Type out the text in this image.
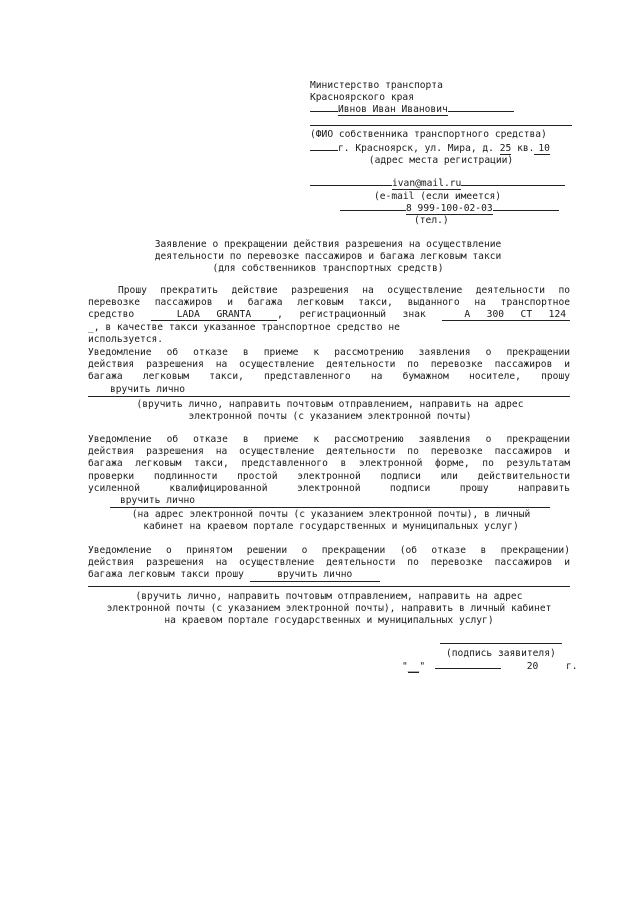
Министерство транспорта
Красноярского края
Ивнов Иван Иванович
(ФИО собственника транспортного средства)
г. Красноярск, ул. Мира, д. 25 кв. 10
(адрес места регистрации)
ivan@mail.ru
(e-mail (если имеется)
8 999-100-02-03
(тел.)
Заявление о прекращении действия разрешения на осуществление
деятельности по перевозке пассажиров и багажа легковым такси
(для собственников транспортных средств)
Прошу прекратить действие разрешения на осуществление деятельности по
перевозке пассажиров и багажа легковым такси, выданного на транспортное
средство	LADA GRANTA	, регистрационный знак	А 300 СТ 124
_, в качестве такси указанное транспортное средство не
используется.
Уведомление об отказе в приеме к рассмотрению заявления о прекращении
действия разрешения на осуществление деятельности по перевозке пассажиров и
багажа легковым такси, представленного на бумажном носителе, прошу
вручить лично
(вручить лично, направить почтовым отправлением, направить на адрес
электронной почты (с указанием электронной почты)
Уведомление об отказе в приеме к рассмотрению заявления о прекращении
действия разрешения на осуществление деятельности по перевозке пассажиров и
багажа легковым такси, представленного в электронной форме, по результатам
проверки подлинности простой электронной подписи или действительности
усиленной квалифицированной электронной подписи прошу направить
вручить лично
(на адрес электронной почты (с указанием электронной почты), в личный
кабинет на краевом портале государственных и муниципальных услуг)
Уведомление о принятом решении о прекращении (об отказе в прекращении)
действия разрешения на осуществление деятельности по перевозке пассажиров и
багажа легковым такси прошу	вручить лично
(вручить лично, направить почтовым отправлением, направить на адрес
электронной почты (с указанием электронной почты), направить в личный кабинет
на краевом портале государственных и муниципальных услуг)
(подпись заявителя)
"__"	20	г.
